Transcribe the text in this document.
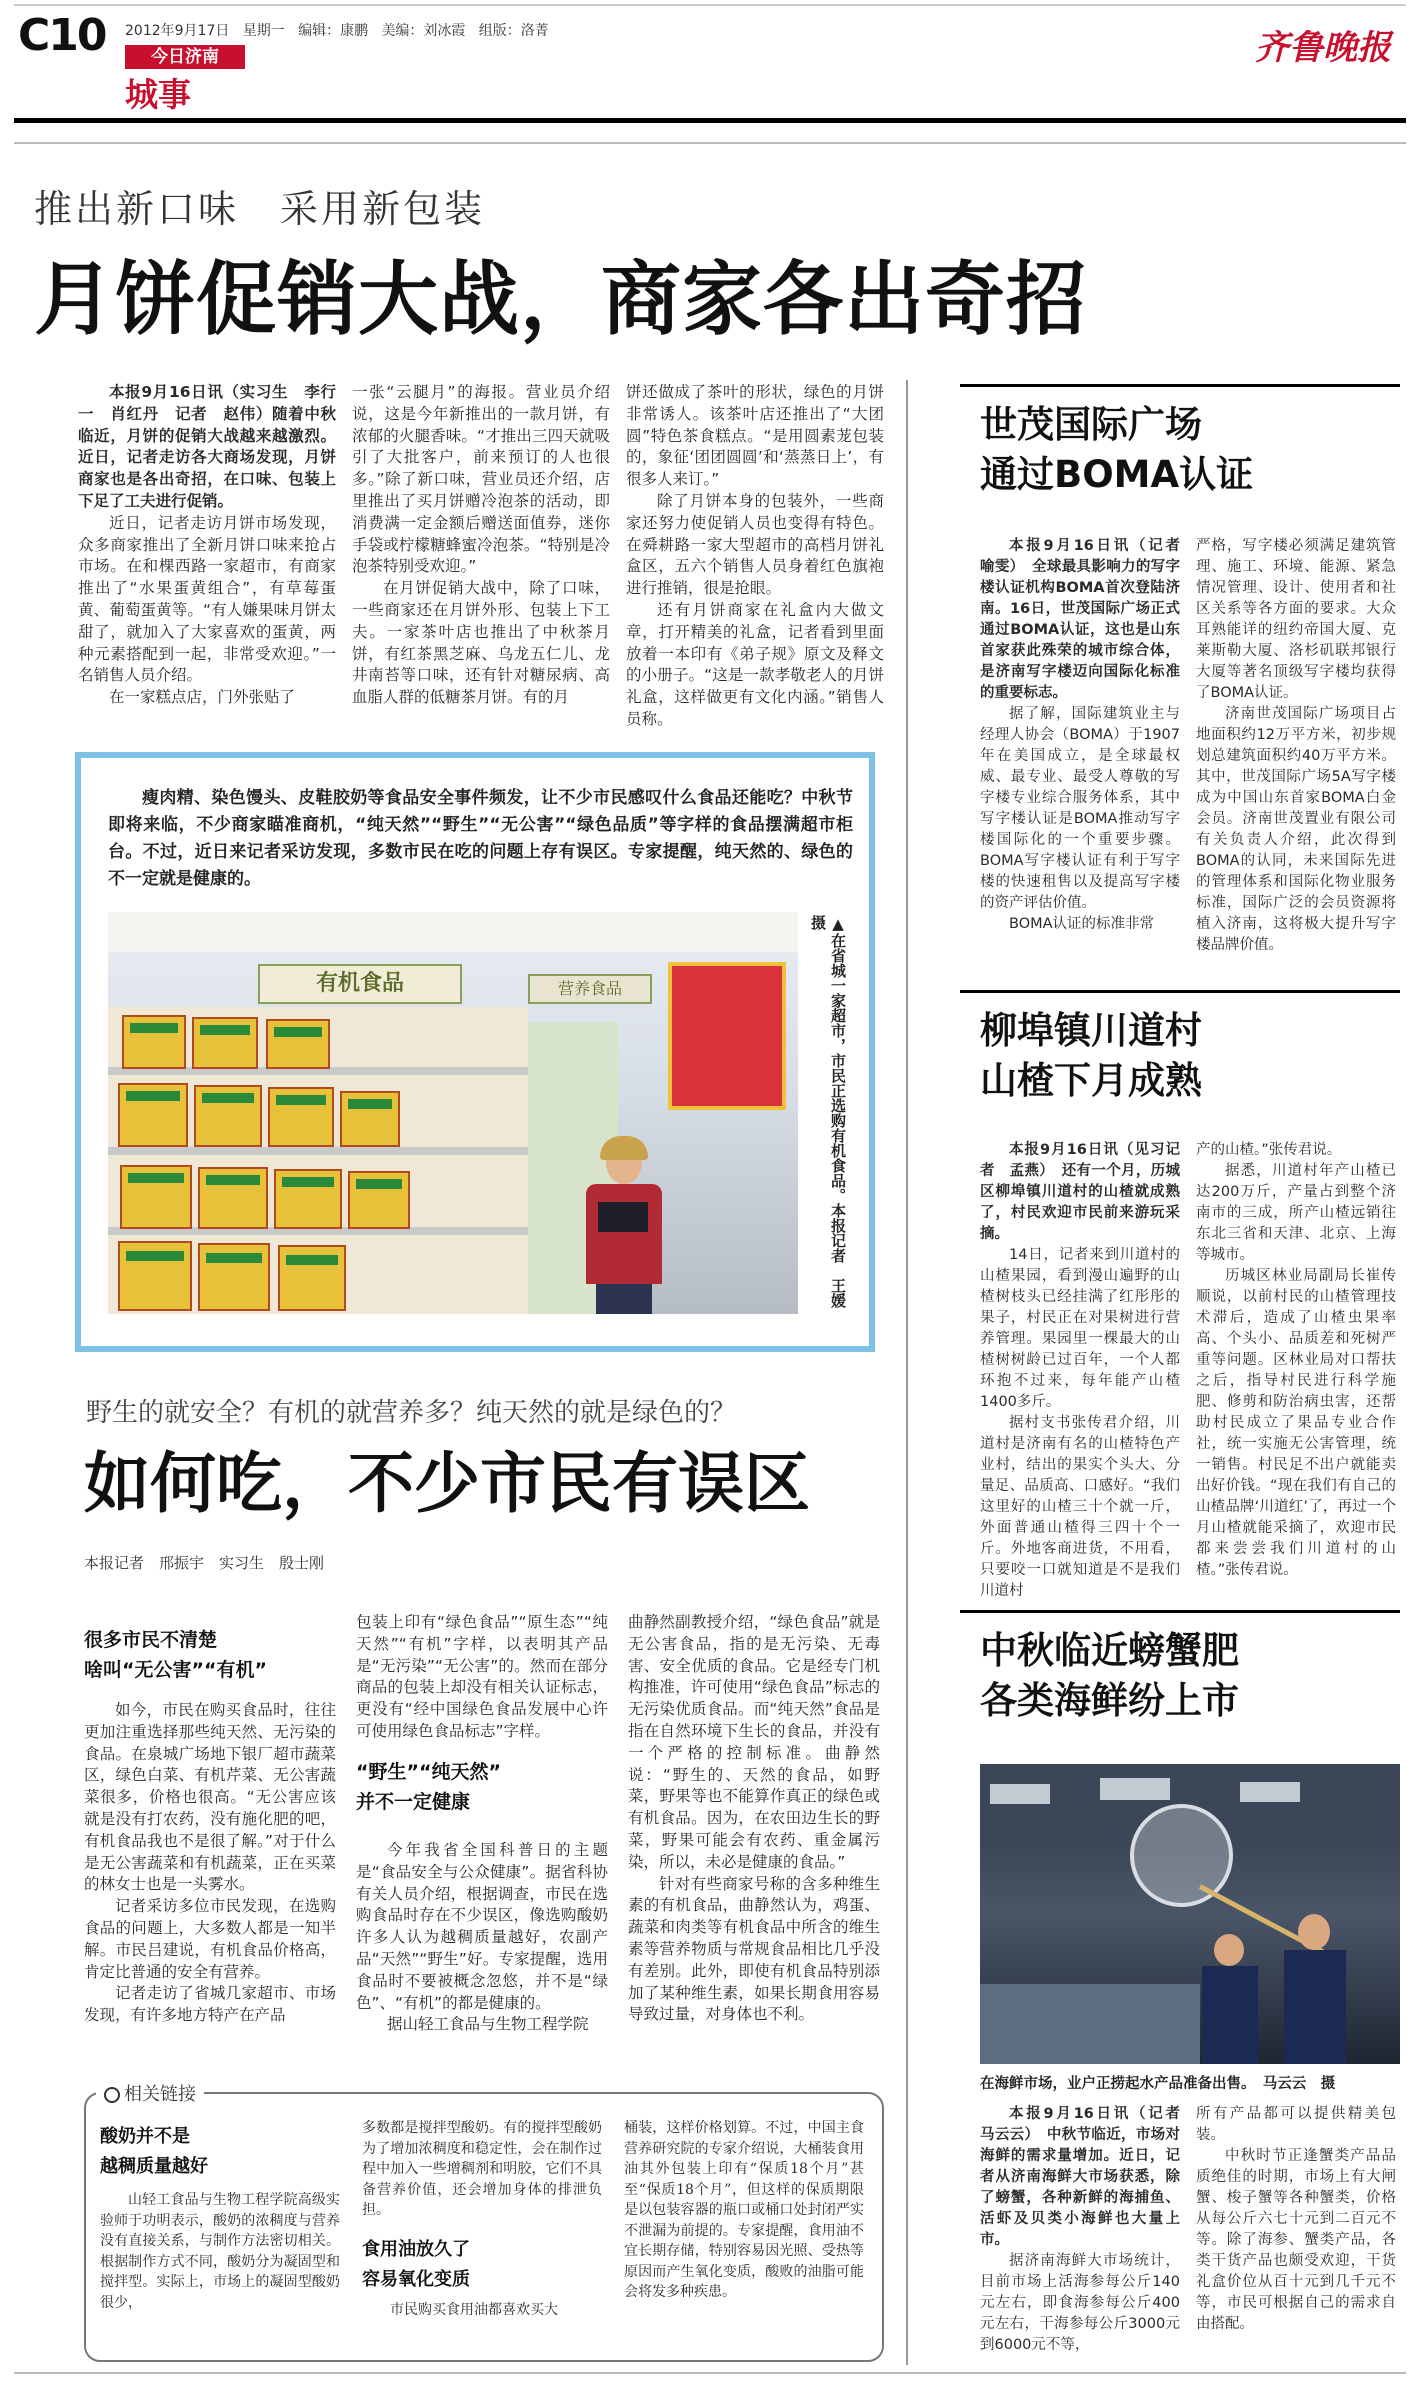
C10 2012年9月17日 星期一 编辑：康鹏 美编：刘冰霞 组版：洛菁
今日济南
城事
齐鲁晚报
推出新口味　采用新包装
月饼促销大战，商家各出奇招

本报9月16日讯（实习生　李行一　肖红丹　记者　赵伟）随着中秋临近，月饼的促销大战越来越激烈。近日，记者走访各大商场发现，月饼商家也是各出奇招，在口味、包装上下足了工夫进行促销。

近日，记者走访月饼市场发现，众多商家推出了全新月饼口味来抢占市场。在和棵西路一家超市，有商家推出了“水果蛋黄组合”，有草莓蛋黄、葡萄蛋黄等。“有人嫌果味月饼太甜了，就加入了大家喜欢的蛋黄，两种元素搭配到一起，非常受欢迎。”一名销售人员介绍。

在一家糕点店，门外张贴了

一张“云腿月”的海报。营业员介绍说，这是今年新推出的一款月饼，有浓郁的火腿香味。“才推出三四天就吸引了大批客户，前来预订的人也很多。”除了新口味，营业员还介绍，店里推出了买月饼赠冷泡茶的活动，即消费满一定金额后赠送面值券，迷你手袋或柠檬糖蜂蜜冷泡茶。“特别是冷泡茶特别受欢迎。”

在月饼促销大战中，除了口味，一些商家还在月饼外形、包装上下工夫。一家茶叶店也推出了中秋茶月饼，有红茶黑芝麻、乌龙五仁儿、龙井南苔等口味，还有针对糖尿病、高血脂人群的低糖茶月饼。有的月

饼还做成了茶叶的形状，绿色的月饼非常诱人。该茶叶店还推出了“大团圆”特色茶食糕点。“是用圆素茏包装的，象征‘团团圆圆’和‘蒸蒸日上’，有很多人来订。”

除了月饼本身的包装外，一些商家还努力使促销人员也变得有特色。在舜耕路一家大型超市的高档月饼礼盒区，五六个销售人员身着红色旗袍进行推销，很是抢眼。

还有月饼商家在礼盒内大做文章，打开精美的礼盒，记者看到里面放着一本印有《弟子规》原文及释文的小册子。“这是一款孝敬老人的月饼礼盒，这样做更有文化内涵。”销售人员称。

瘦肉精、染色馒头、皮鞋胶奶等食品安全事件频发，让不少市民感叹什么食品还能吃？中秋节即将来临，不少商家瞄准商机，“纯天然”“野生”“无公害”“绿色品质”等字样的食品摆满超市柜台。不过，近日来记者采访发现，多数市民在吃的问题上存有误区。专家提醒，纯天然的、绿色的不一定就是健康的。
有机食品	营养食品	▲在省城一家超市，市民正选购有机食品。本报记者　王媛　摄
野生的就安全？有机的就营养多？纯天然的就是绿色的？
如何吃，不少市民有误区
本报记者　邢振宇　实习生　殷士刚
很多市民不清楚
啥叫“无公害”“有机”

如今，市民在购买食品时，往往更加注重选择那些纯天然、无污染的食品。在泉城广场地下银厂超市蔬菜区，绿色白菜、有机芹菜、无公害蔬菜很多，价格也很高。“无公害应该就是没有打农药，没有施化肥的吧，有机食品我也不是很了解。”对于什么是无公害蔬菜和有机蔬菜，正在买菜的林女士也是一头雾水。

记者采访多位市民发现，在选购食品的问题上，大多数人都是一知半解。市民吕建说，有机食品价格高，肯定比普通的安全有营养。

记者走访了省城几家超市、市场发现，有许多地方特产在产品

包装上印有“绿色食品”“原生态”“纯天然”“有机”字样，以表明其产品是“无污染”“无公害”的。然而在部分商品的包装上却没有相关认证标志，更没有“经中国绿色食品发展中心许可使用绿色食品标志”字样。

“野生”“纯天然”
并不一定健康

今年我省全国科普日的主题是“食品安全与公众健康”。据省科协有关人员介绍，根据调查，市民在选购食品时存在不少误区，像选购酸奶许多人认为越稠质量越好，农副产品“天然”“野生”好。专家提醒，选用食品时不要被概念忽悠，并不是“绿色”、“有机”的都是健康的。

据山轻工食品与生物工程学院

曲静然副教授介绍，“绿色食品”就是无公害食品，指的是无污染、无毒害、安全优质的食品。它是经专门机构推准，许可使用“绿色食品”标志的无污染优质食品。而“纯天然”食品是指在自然环境下生长的食品，并没有一个严格的控制标准。曲静然说：“野生的、天然的食品，如野菜，野果等也不能算作真正的绿色或有机食品。因为，在农田边生长的野菜，野果可能会有农药、重金属污染，所以，未必是健康的食品。”

针对有些商家号称的含多种维生素的有机食品，曲静然认为，鸡蛋、蔬菜和肉类等有机食品中所含的维生素等营养物质与常规食品相比几乎没有差别。此外，即使有机食品特别添加了某种维生素，如果长期食用容易导致过量，对身体也不利。

相关链接
酸奶并不是
越稠质量越好

山轻工食品与生物工程学院高级实验师于功明表示，酸奶的浓稠度与营养没有直接关系，与制作方法密切相关。根据制作方式不同，酸奶分为凝固型和搅拌型。实际上，市场上的凝固型酸奶很少，

多数都是搅拌型酸奶。有的搅拌型酸奶为了增加浓稠度和稳定性，会在制作过程中加入一些增稠剂和明胶，它们不具备营养价值，还会增加身体的排泄负担。

食用油放久了
容易氧化变质

市民购买食用油都喜欢买大

桶装，这样价格划算。不过，中国主食营养研究院的专家介绍说，大桶装食用油其外包装上印有“保质18个月”甚至“保质18个月”，但这样的保质期限是以包装容器的瓶口或桶口处封闭严实不泄漏为前提的。专家提醒，食用油不宜长期存储，特别容易因光照、受热等原因而产生氧化变质，酸败的油脂可能会将发多种疾患。

世茂国际广场
通过BOMA认证

本报9月16日讯（记者　喻雯）　全球最具影响力的写字楼认证机构BOMA首次登陆济南。16日，世茂国际广场正式通过BOMA认证，这也是山东首家获此殊荣的城市综合体，是济南写字楼迈向国际化标准的重要标志。

据了解，国际建筑业主与经理人协会（BOMA）于1907年在美国成立，是全球最权威、最专业、最受人尊敬的写字楼专业综合服务体系，其中写字楼认证是BOMA推动写字楼国际化的一个重要步骤。BOMA写字楼认证有利于写字楼的快速租售以及提高写字楼的资产评估价值。

BOMA认证的标准非常

严格，写字楼必须满足建筑管理、施工、环境、能源、紧急情况管理、设计、使用者和社区关系等各方面的要求。大众耳熟能详的纽约帝国大厦、克莱斯勒大厦、洛杉矶联邦银行大厦等著名顶级写字楼均获得了BOMA认证。

济南世茂国际广场项目占地面积约12万平方米，初步规划总建筑面积约40万平方米。其中，世茂国际广场5A写字楼成为中国山东首家BOMA白金会员。济南世茂置业有限公司有关负责人介绍，此次得到BOMA的认同，未来国际先进的管理体系和国际化物业服务标准，国际广泛的会员资源将植入济南，这将极大提升写字楼品牌价值。

柳埠镇川道村
山楂下月成熟

本报9月16日讯（见习记者　孟燕）　还有一个月，历城区柳埠镇川道村的山楂就成熟了，村民欢迎市民前来游玩采摘。

14日，记者来到川道村的山楂果园，看到漫山遍野的山楂树枝头已经挂满了红彤彤的果子，村民正在对果树进行营养管理。果园里一棵最大的山楂树树龄已过百年，一个人都环抱不过来，每年能产山楂1400多斤。

据村支书张传君介绍，川道村是济南有名的山楂特色产业村，结出的果实个头大、分量足、品质高、口感好。“我们这里好的山楂三十个就一斤，外面普通山楂得三四十个一斤。外地客商进货，不用看，只要咬一口就知道是不是我们川道村

产的山楂。”张传君说。

据悉，川道村年产山楂已达200万斤，产量占到整个济南市的三成，所产山楂远销往东北三省和天津、北京、上海等城市。

历城区林业局副局长崔传顺说，以前村民的山楂管理技术滞后，造成了山楂虫果率高、个头小、品质差和死树严重等问题。区林业局对口帮扶之后，指导村民进行科学施肥、修剪和防治病虫害，还帮助村民成立了果品专业合作社，统一实施无公害管理，统一销售。村民足不出户就能卖出好价钱。“现在我们有自己的山楂品牌‘川道红’了，再过一个月山楂就能采摘了，欢迎市民都来尝尝我们川道村的山楂。”张传君说。

中秋临近螃蟹肥
各类海鲜纷上市
在海鲜市场，业户正捞起水产品准备出售。　马云云　摄

本报9月16日讯（记者　马云云）　中秋节临近，市场对海鲜的需求量增加。近日，记者从济南海鲜大市场获悉，除了螃蟹，各种新鲜的海捕鱼、活虾及贝类小海鲜也大量上市。

据济南海鲜大市场统计，目前市场上活海参每公斤140元左右，即食海参每公斤400元左右，干海参每公斤3000元到6000元不等，

所有产品都可以提供精美包装。

中秋时节正逢蟹类产品品质绝佳的时期，市场上有大闸蟹、梭子蟹等各种蟹类，价格从每公斤六七十元到二百元不等。除了海参、蟹类产品，各类干货产品也颇受欢迎，干货礼盒价位从百十元到几千元不等，市民可根据自己的需求自由搭配。
